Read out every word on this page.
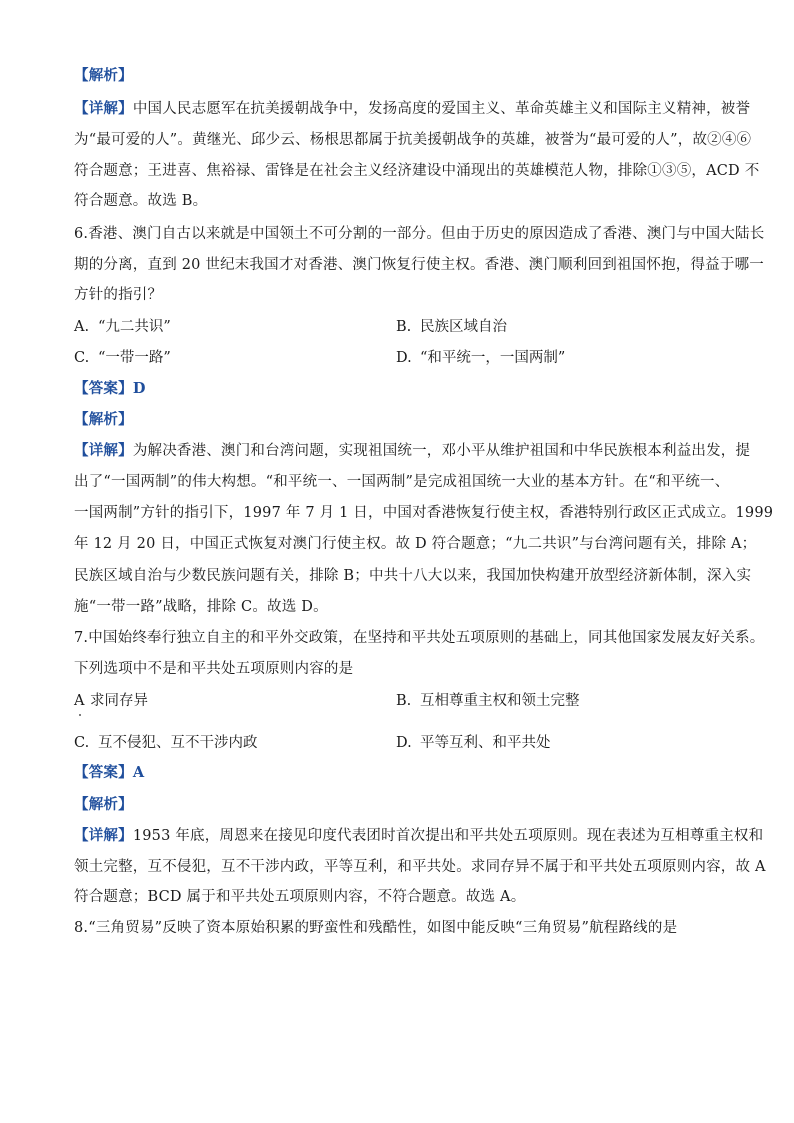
【解析】
【详解】中国人民志愿军在抗美援朝战争中，发扬高度的爱国主义、革命英雄主义和国际主义精神，被誉
为“最可爱的人”。黄继光、邱少云、杨根思都属于抗美援朝战争的英雄，被誉为“最可爱的人”，故②④⑥
符合题意；王进喜、焦裕禄、雷锋是在社会主义经济建设中涌现出的英雄模范人物，排除①③⑤，ACD 不
符合题意。故选 B。
6.香港、澳门自古以来就是中国领土不可分割的一部分。但由于历史的原因造成了香港、澳门与中国大陆长
期的分离，直到 20 世纪末我国才对香港、澳门恢复行使主权。香港、澳门顺利回到祖国怀抱，得益于哪一
方针的指引？
A. “九二共识”	B. 民族区域自治
C. “一带一路”	D. “和平统一，一国两制”
【答案】D
【解析】
【详解】为解决香港、澳门和台湾问题，实现祖国统一，邓小平从维护祖国和中华民族根本利益出发，提
出了“一国两制”的伟大构想。“和平统一、一国两制”是完成祖国统一大业的基本方针。在“和平统一、
一国两制”方针的指引下，1997 年 7 月 1 日，中国对香港恢复行使主权，香港特别行政区正式成立。1999
年 12 月 20 日，中国正式恢复对澳门行使主权。故 D 符合题意；“九二共识”与台湾问题有关，排除 A；
民族区域自治与少数民族问题有关，排除 B；中共十八大以来，我国加快构建开放型经济新体制，深入实
施“一带一路”战略，排除 C。故选 D。
7.中国始终奉行独立自主的和平外交政策，在坚持和平共处五项原则的基础上，同其他国家发展友好关系。
下列选项中不是和平共处五项原则内容的是
A 求同存异	B. 互相尊重主权和领土完整
C. 互不侵犯、互不干涉内政	D. 平等互利、和平共处
【答案】A
【解析】
【详解】1953 年底，周恩来在接见印度代表团时首次提出和平共处五项原则。现在表述为互相尊重主权和
领土完整，互不侵犯，互不干涉内政，平等互利，和平共处。求同存异不属于和平共处五项原则内容，故 A
符合题意；BCD 属于和平共处五项原则内容，不符合题意。故选 A。
8.“三角贸易”反映了资本原始积累的野蛮性和残酷性，如图中能反映“三角贸易”航程路线的是
